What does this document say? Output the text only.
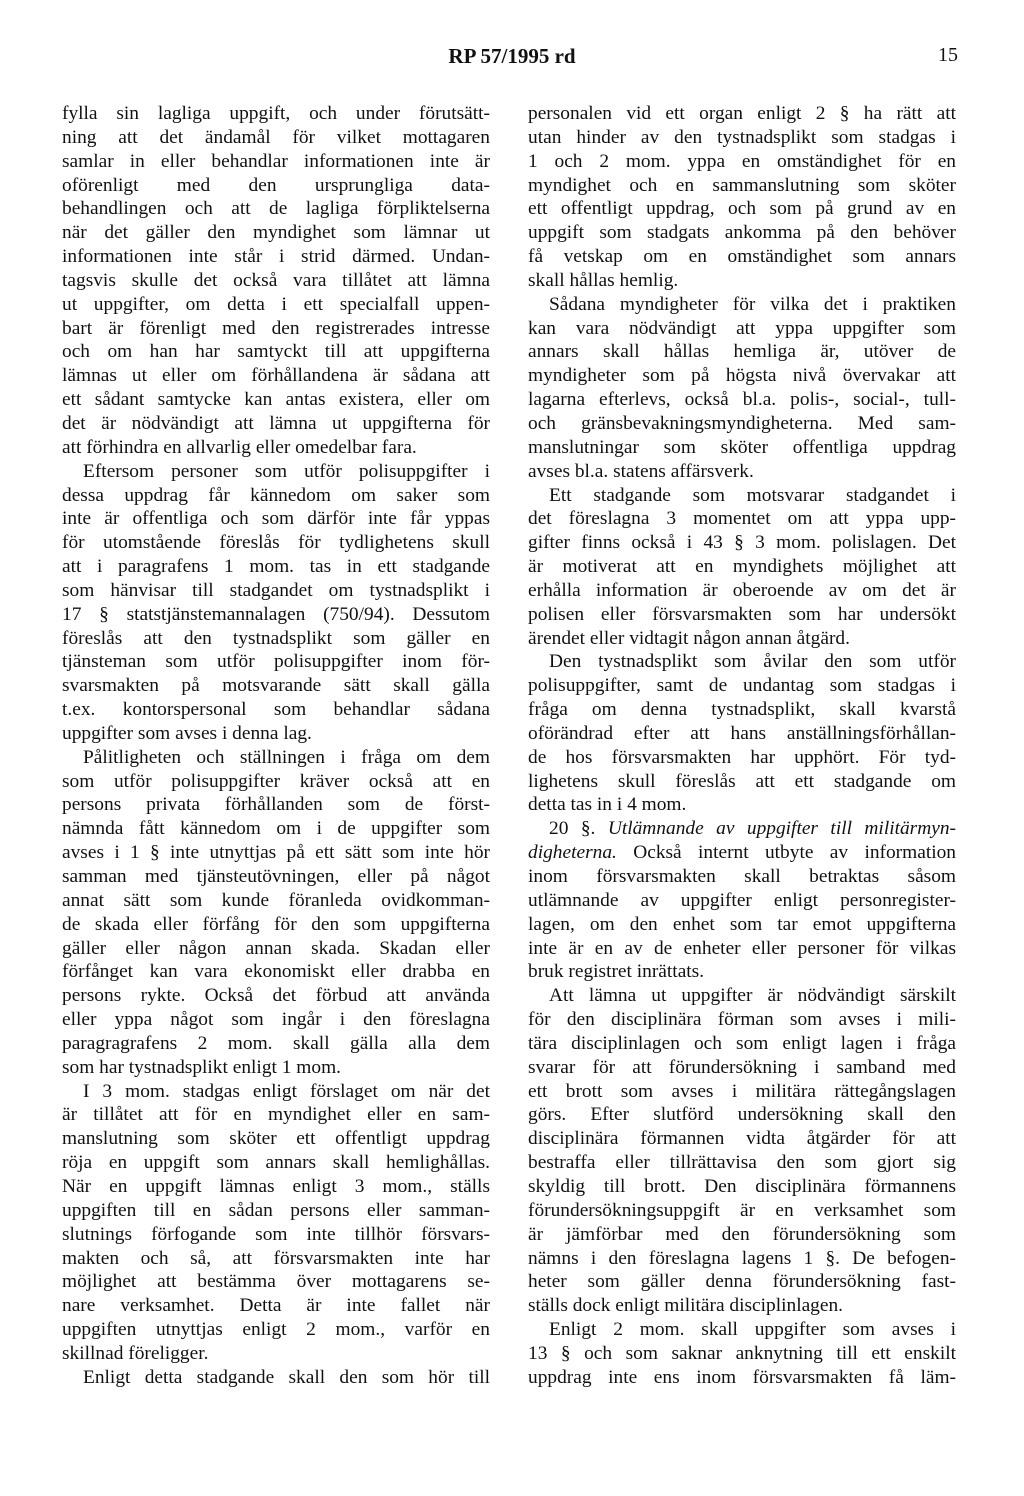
RP 57/1995 rd	15
fylla sin lagliga uppgift, och under förutsätt-
ning att det ändamål för vilket mottagaren
samlar in eller behandlar informationen inte är
oförenligt med den ursprungliga data-
behandlingen och att de lagliga förpliktelserna
när det gäller den myndighet som lämnar ut
informationen inte står i strid därmed. Undan-
tagsvis skulle det också vara tillåtet att lämna
ut uppgifter, om detta i ett specialfall uppen-
bart är förenligt med den registrerades intresse
och om han har samtyckt till att uppgifterna
lämnas ut eller om förhållandena är sådana att
ett sådant samtycke kan antas existera, eller om
det är nödvändigt att lämna ut uppgifterna för
att förhindra en allvarlig eller omedelbar fara.
Eftersom personer som utför polisuppgifter i
dessa uppdrag får kännedom om saker som
inte är offentliga och som därför inte får yppas
för utomstående föreslås för tydlighetens skull
att i paragrafens 1 mom. tas in ett stadgande
som hänvisar till stadgandet om tystnadsplikt i
17 § statstjänstemannalagen (750/94). Dessutom
föreslås att den tystnadsplikt som gäller en
tjänsteman som utför polisuppgifter inom för-
svarsmakten på motsvarande sätt skall gälla
t.ex. kontorspersonal som behandlar sådana
uppgifter som avses i denna lag.
Pålitligheten och ställningen i fråga om dem
som utför polisuppgifter kräver också att en
persons privata förhållanden som de först-
nämnda fått kännedom om i de uppgifter som
avses i 1 § inte utnyttjas på ett sätt som inte hör
samman med tjänsteutövningen, eller på något
annat sätt som kunde föranleda ovidkomman-
de skada eller förfång för den som uppgifterna
gäller eller någon annan skada. Skadan eller
förfånget kan vara ekonomiskt eller drabba en
persons rykte. Också det förbud att använda
eller yppa något som ingår i den föreslagna
paragragrafens 2 mom. skall gälla alla dem
som har tystnadsplikt enligt 1 mom.
I 3 mom. stadgas enligt förslaget om när det
är tillåtet att för en myndighet eller en sam-
manslutning som sköter ett offentligt uppdrag
röja en uppgift som annars skall hemlighållas.
När en uppgift lämnas enligt 3 mom., ställs
uppgiften till en sådan persons eller samman-
slutnings förfogande som inte tillhör försvars-
makten och så, att försvarsmakten inte har
möjlighet att bestämma över mottagarens se-
nare verksamhet. Detta är inte fallet när
uppgiften utnyttjas enligt 2 mom., varför en
skillnad föreligger.
Enligt detta stadgande skall den som hör till
personalen vid ett organ enligt 2 § ha rätt att
utan hinder av den tystnadsplikt som stadgas i
1 och 2 mom. yppa en omständighet för en
myndighet och en sammanslutning som sköter
ett offentligt uppdrag, och som på grund av en
uppgift som stadgats ankomma på den behöver
få vetskap om en omständighet som annars
skall hållas hemlig.
Sådana myndigheter för vilka det i praktiken
kan vara nödvändigt att yppa uppgifter som
annars skall hållas hemliga är, utöver de
myndigheter som på högsta nivå övervakar att
lagarna efterlevs, också bl.a. polis-, social-, tull-
och gränsbevakningsmyndigheterna. Med sam-
manslutningar som sköter offentliga uppdrag
avses bl.a. statens affärsverk.
Ett stadgande som motsvarar stadgandet i
det föreslagna 3 momentet om att yppa upp-
gifter finns också i 43 § 3 mom. polislagen. Det
är motiverat att en myndighets möjlighet att
erhålla information är oberoende av om det är
polisen eller försvarsmakten som har undersökt
ärendet eller vidtagit någon annan åtgärd.
Den tystnadsplikt som åvilar den som utför
polisuppgifter, samt de undantag som stadgas i
fråga om denna tystnadsplikt, skall kvarstå
oförändrad efter att hans anställningsförhållan-
de hos försvarsmakten har upphört. För tyd-
lighetens skull föreslås att ett stadgande om
detta tas in i 4 mom.
20 §. Utlämnande av uppgifter till militärmyn-
digheterna. Också internt utbyte av information
inom försvarsmakten skall betraktas såsom
utlämnande av uppgifter enligt personregister-
lagen, om den enhet som tar emot uppgifterna
inte är en av de enheter eller personer för vilkas
bruk registret inrättats.
Att lämna ut uppgifter är nödvändigt särskilt
för den disciplinära förman som avses i mili-
tära disciplinlagen och som enligt lagen i fråga
svarar för att förundersökning i samband med
ett brott som avses i militära rättegångslagen
görs. Efter slutförd undersökning skall den
disciplinära förmannen vidta åtgärder för att
bestraffa eller tillrättavisa den som gjort sig
skyldig till brott. Den disciplinära förmannens
förundersökningsuppgift är en verksamhet som
är jämförbar med den förundersökning som
nämns i den föreslagna lagens 1 §. De befogen-
heter som gäller denna förundersökning fast-
ställs dock enligt militära disciplinlagen.
Enligt 2 mom. skall uppgifter som avses i
13 § och som saknar anknytning till ett enskilt
uppdrag inte ens inom försvarsmakten få läm-
